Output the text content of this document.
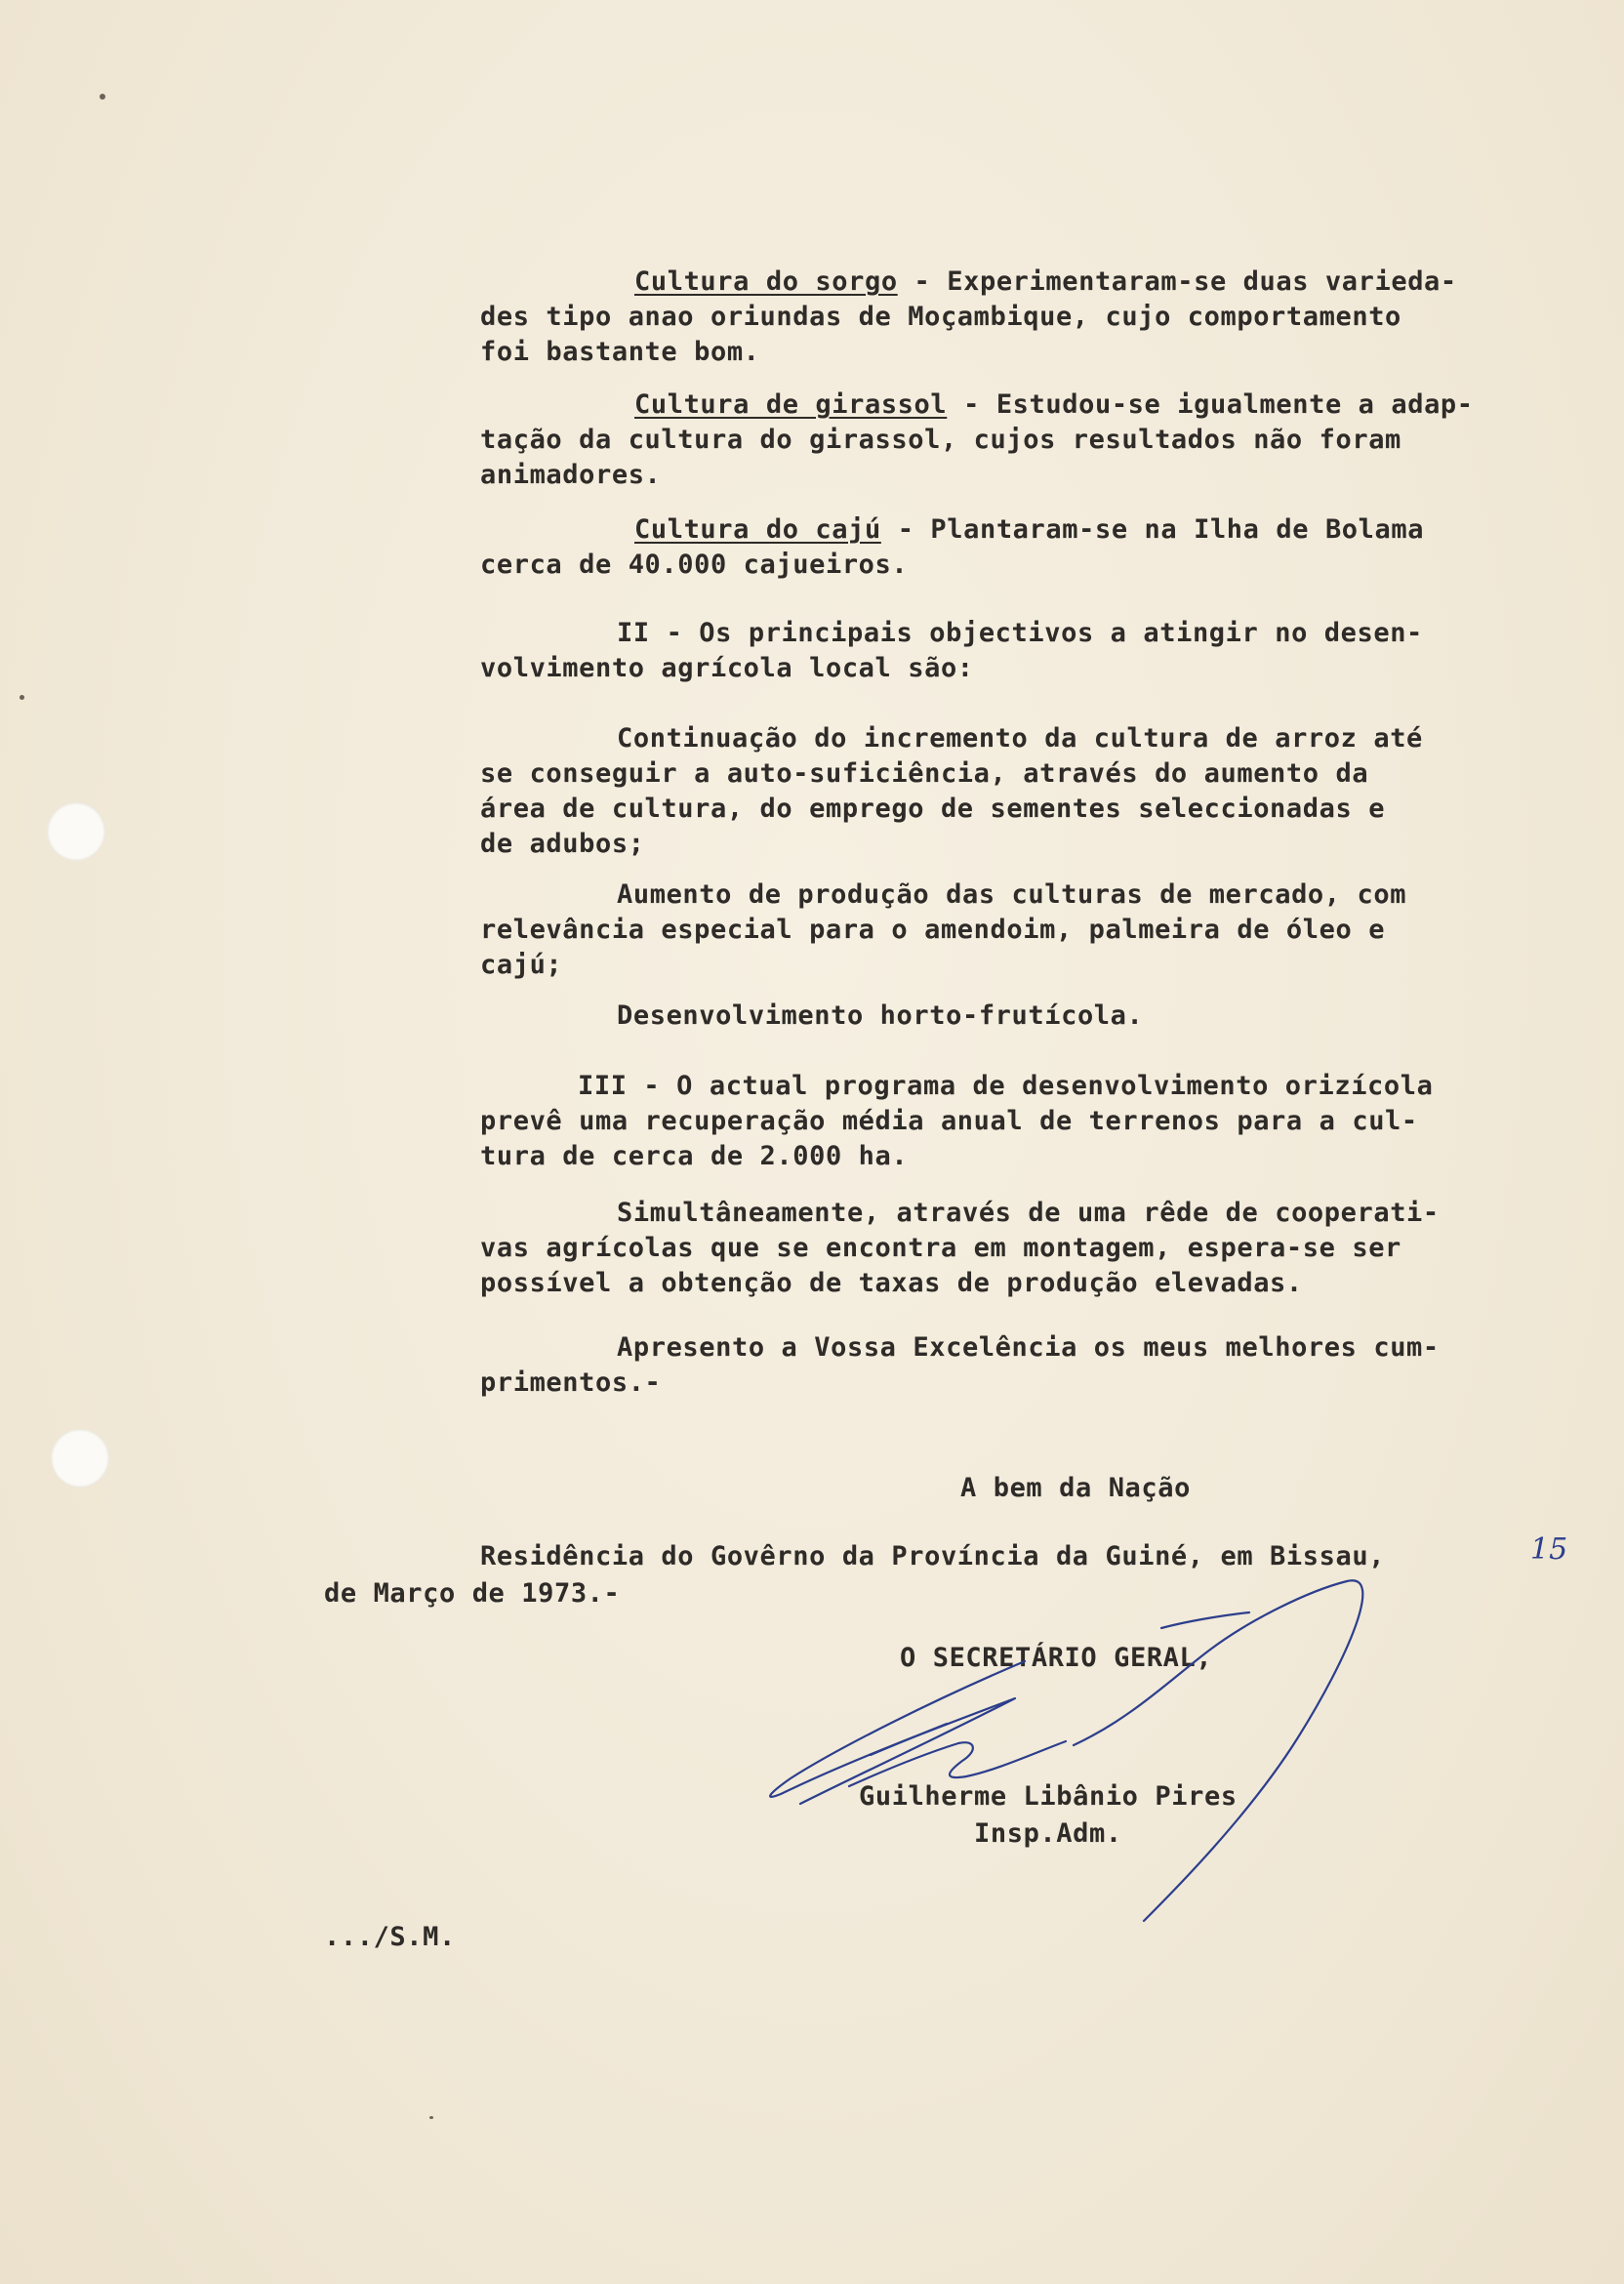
Cultura do sorgo - Experimentaram-se duas varieda-
des tipo anao oriundas de Moçambique, cujo comportamento
foi bastante bom.
Cultura de girassol - Estudou-se igualmente a adap-
tação da cultura do girassol, cujos resultados não foram
animadores.
Cultura do cajú - Plantaram-se na Ilha de Bolama
cerca de 40.000 cajueiros.
II - Os principais objectivos a atingir no desen-
volvimento agrícola local são:
Continuação do incremento da cultura de arroz até
se conseguir a auto-suficiência, através do aumento da
área de cultura, do emprego de sementes seleccionadas e
de adubos;
Aumento de produção das culturas de mercado, com
relevância especial para o amendoim, palmeira de óleo e
cajú;
Desenvolvimento horto-frutícola.
III - O actual programa de desenvolvimento orizícola
prevê uma recuperação média anual de terrenos para a cul-
tura de cerca de 2.000 ha.
Simultâneamente, através de uma rêde de cooperati-
vas agrícolas que se encontra em montagem, espera-se ser
possível a obtenção de taxas de produção elevadas.
Apresento a Vossa Excelência os meus melhores cum-
primentos.-
A bem da Nação
Residência do Govêrno da Província da Guiné, em Bissau,	15
de Março de 1973.-
O SECRETÁRIO GERAL,
Guilherme Libânio Pires
Insp.Adm.
.../S.M.
